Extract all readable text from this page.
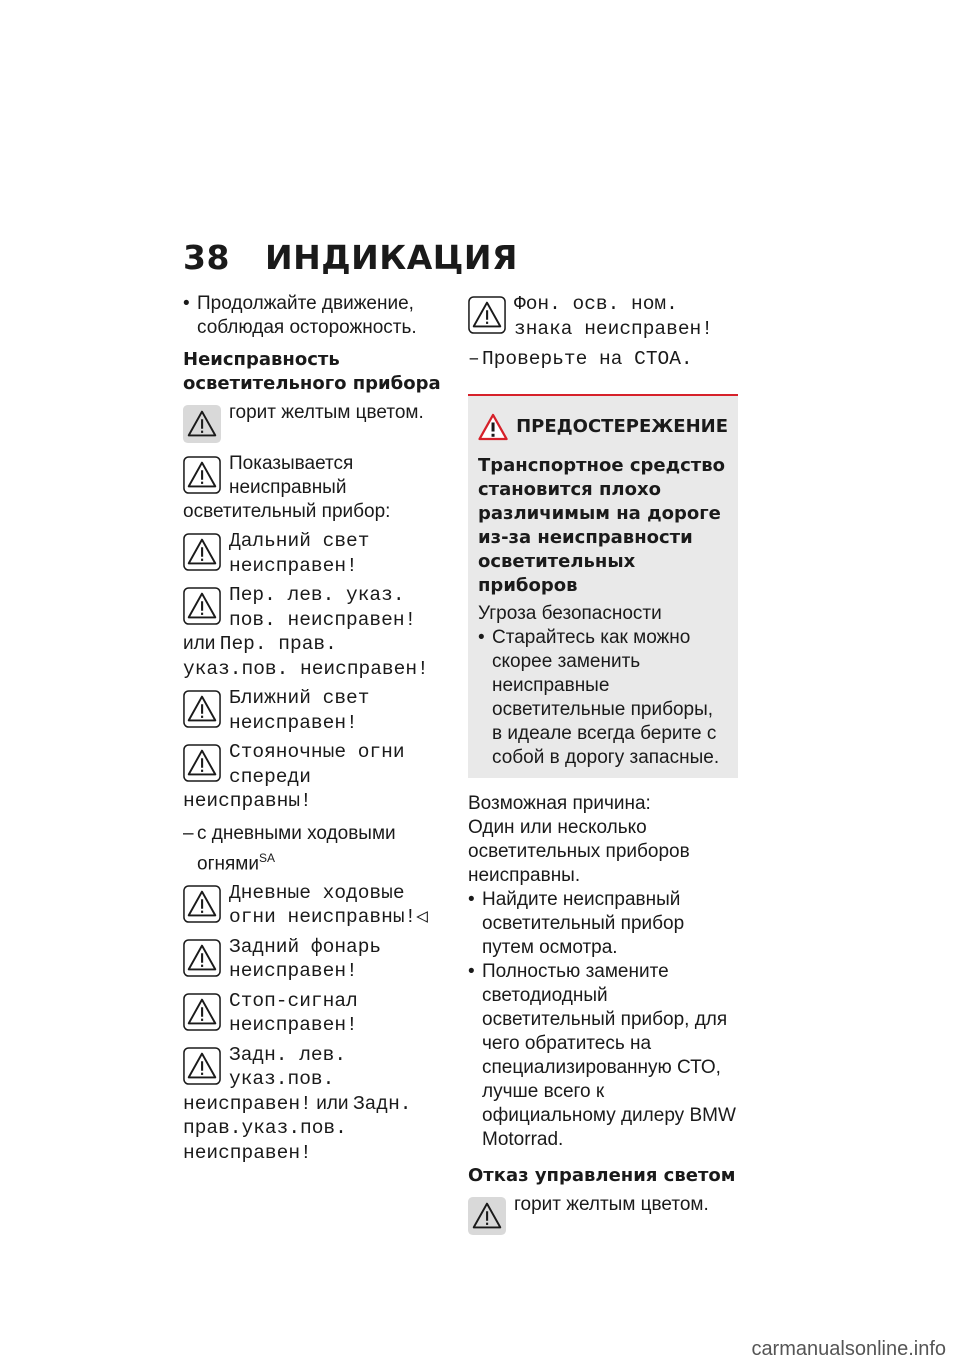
38 ИНДИКАЦИЯ
• Продолжайте движение, соблюдая осторожность.
Неисправность осветительного прибора
горит желтым цветом.
Показывается неисправный осветительный прибор:
Дальний свет неисправен!
Пер. лев. указ. пов. неисправен! или Пер. прав. указ.пов. неисправен!
Ближний свет неисправен!
Стояночные огни спереди неисправны!
– с дневными ходовыми огнями$^{SA}$
Дневные ходовые огни неисправны!◁
Задний фонарь неисправен!
Стоп-сигнал неисправен!
Задн. лев. указ.пов. неисправен! или Задн. прав.указ.пов. неисправен!
Фон. осв. ном. знака неисправен!
– Проверьте на СТОА.
ПРЕДОСТЕРЕЖЕНИЕ
Транспортное средство становится плохо различимым на дороге из-за неисправности осветительных приборов
Угроза безопасности
• Старайтесь как можно скорее заменить неисправные осветительные приборы, в идеале всегда берите с собой в дорогу запасные.
Возможная причина:
Один или несколько осветительных приборов неисправны.
• Найдите неисправный осветительный прибор путем осмотра.
• Полностью замените светодиодный осветительный прибор, для чего обратитесь на специализированную СТО, лучше всего к официальному дилеру BMW Motorrad.
Отказ управления светом
горит желтым цветом.
carmanualsonline.info
